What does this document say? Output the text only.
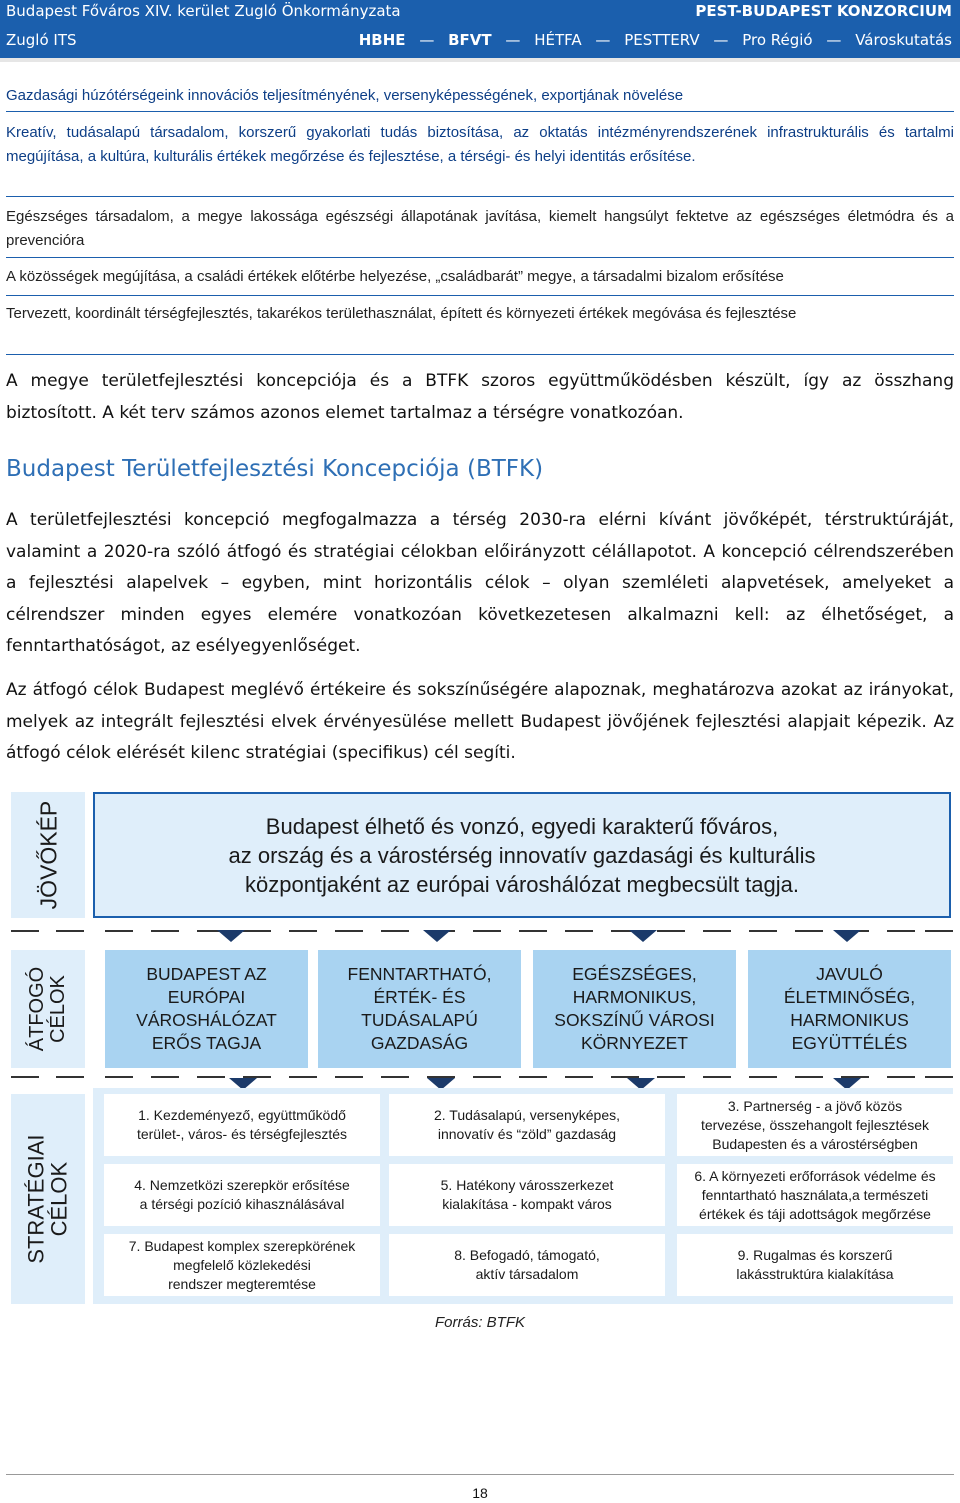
Budapest Főváros XIV. kerület Zugló Önkormányzata	PEST-BUDAPEST KONZORCIUM
Zugló ITS	HBHE — BFVT — HÉTFA — PESTTERV — Pro Régió — Városkutatás
Gazdasági húzótérségeink innovációs teljesítményének, versenyképességének, exportjának növelése
Kreatív, tudásalapú társadalom, korszerű gyakorlati tudás biztosítása, az oktatás intézményrendszerének infrastrukturális és tartalmi megújítása, a kultúra, kulturális értékek megőrzése és fejlesztése, a térségi- és helyi identitás erősítése.
Egészséges társadalom, a megye lakossága egészségi állapotának javítása, kiemelt hangsúlyt fektetve az egészséges életmódra és a prevencióra
A közösségek megújítása, a családi értékek előtérbe helyezése, „családbarát” megye, a társadalmi bizalom erősítése
Tervezett, koordinált térségfejlesztés, takarékos területhasználat, épített és környezeti értékek megóvása és fejlesztése
A megye területfejlesztési koncepciója és a BTFK szoros együttműködésben készült, így az összhang biztosított. A két terv számos azonos elemet tartalmaz a térségre vonatkozóan.
Budapest Területfejlesztési Koncepciója (BTFK)
A területfejlesztési koncepció megfogalmazza a térség 2030-ra elérni kívánt jövőképét, térstruktúráját, valamint a 2020-ra szóló átfogó és stratégiai célokban előirányzott célállapotot. A koncepció célrendszerében a fejlesztési alapelvek – egyben, mint horizontális célok – olyan szemléleti alapvetések, amelyeket a célrendszer minden egyes elemére vonatkozóan következetesen alkalmazni kell: az élhetőséget, a fenntarthatóságot, az esélyegyenlőséget.
Az átfogó célok Budapest meglévő értékeire és sokszínűségére alapoznak, meghatározva azokat az irányokat, melyek az integrált fejlesztési elvek érvényesülése mellett Budapest jövőjének fejlesztési alapjait képezik. Az átfogó célok elérését kilenc stratégiai (specifikus) cél segíti.
JÖVŐKÉP	Budapest élhető és vonzó, egyedi karakterű főváros,
az ország és a várostérség innovatív gazdasági és kulturális
központjaként az európai városhálózat megbecsült tagja.
ÁTFOGÓ CÉLOK
BUDAPEST AZ
EURÓPAI
VÁROSHÁLÓZAT
ERŐS TAGJA
FENNTARTHATÓ,
ÉRTÉK- ÉS
TUDÁSALAPÚ
GAZDASÁG
EGÉSZSÉGES,
HARMONIKUS,
SOKSZÍNŰ VÁROSI
KÖRNYEZET
JAVULÓ
ÉLETMINŐSÉG,
HARMONIKUS
EGYÜTTÉLÉS
STRATÉGIAI
CÉLOK
1. Kezdeményező, együttműködő
terület-, város- és térségfejlesztés
2. Tudásalapú, versenyképes,
innovatív és “zöld” gazdaság
3. Partnerség - a jövő közös
tervezése, összehangolt fejlesztések
Budapesten és a várostérségben
4. Nemzetközi szerepkör erősítése
a térségi pozíció kihasználásával
5. Hatékony városszerkezet
kialakítása - kompakt város
6. A környezeti erőforrások védelme és
fenntartható használata,a természeti
értékek és táji adottságok megőrzése
7. Budapest komplex szerepkörének
megfelelő közlekedési
rendszer megteremtése
8. Befogadó, támogató,
aktív társadalom
9. Rugalmas és korszerű
lakásstruktúra kialakítása
Forrás: BTFK
18
